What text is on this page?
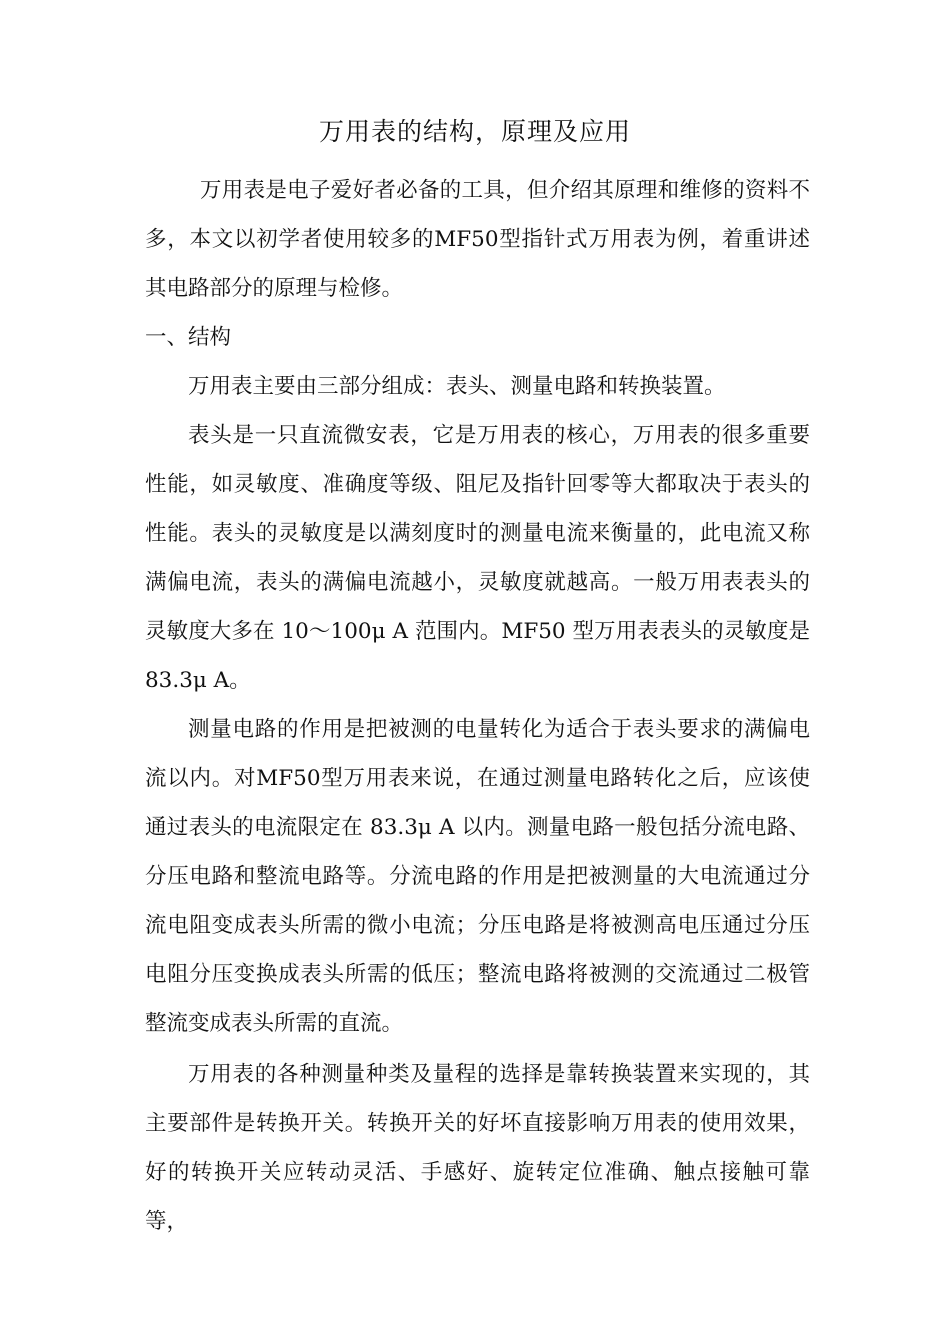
万用表的结构，原理及应用

万用表是电子爱好者必备的工具，但介绍其原理和维修的资料不多，本文以初学者使用较多的MF50型指针式万用表为例，着重讲述其电路部分的原理与检修。

一、结构

万用表主要由三部分组成：表头、测量电路和转换装置。

表头是一只直流微安表，它是万用表的核心，万用表的很多重要性能，如灵敏度、准确度等级、阻尼及指针回零等大都取决于表头的性能。表头的灵敏度是以满刻度时的测量电流来衡量的，此电流又称满偏电流，表头的满偏电流越小，灵敏度就越高。一般万用表表头的灵敏度大多在 10～100μ A 范围内。MF50 型万用表表头的灵敏度是 83.3μ A。

测量电路的作用是把被测的电量转化为适合于表头要求的满偏电流以内。对MF50型万用表来说，在通过测量电路转化之后，应该使通过表头的电流限定在 83.3μ A 以内。测量电路一般包括分流电路、分压电路和整流电路等。分流电路的作用是把被测量的大电流通过分流电阻变成表头所需的微小电流；分压电路是将被测高电压通过分压电阻分压变换成表头所需的低压；整流电路将被测的交流通过二极管整流变成表头所需的直流。

万用表的各种测量种类及量程的选择是靠转换装置来实现的，其主要部件是转换开关。转换开关的好坏直接影响万用表的使用效果，好的转换开关应转动灵活、手感好、旋转定位准确、触点接触可靠等，
